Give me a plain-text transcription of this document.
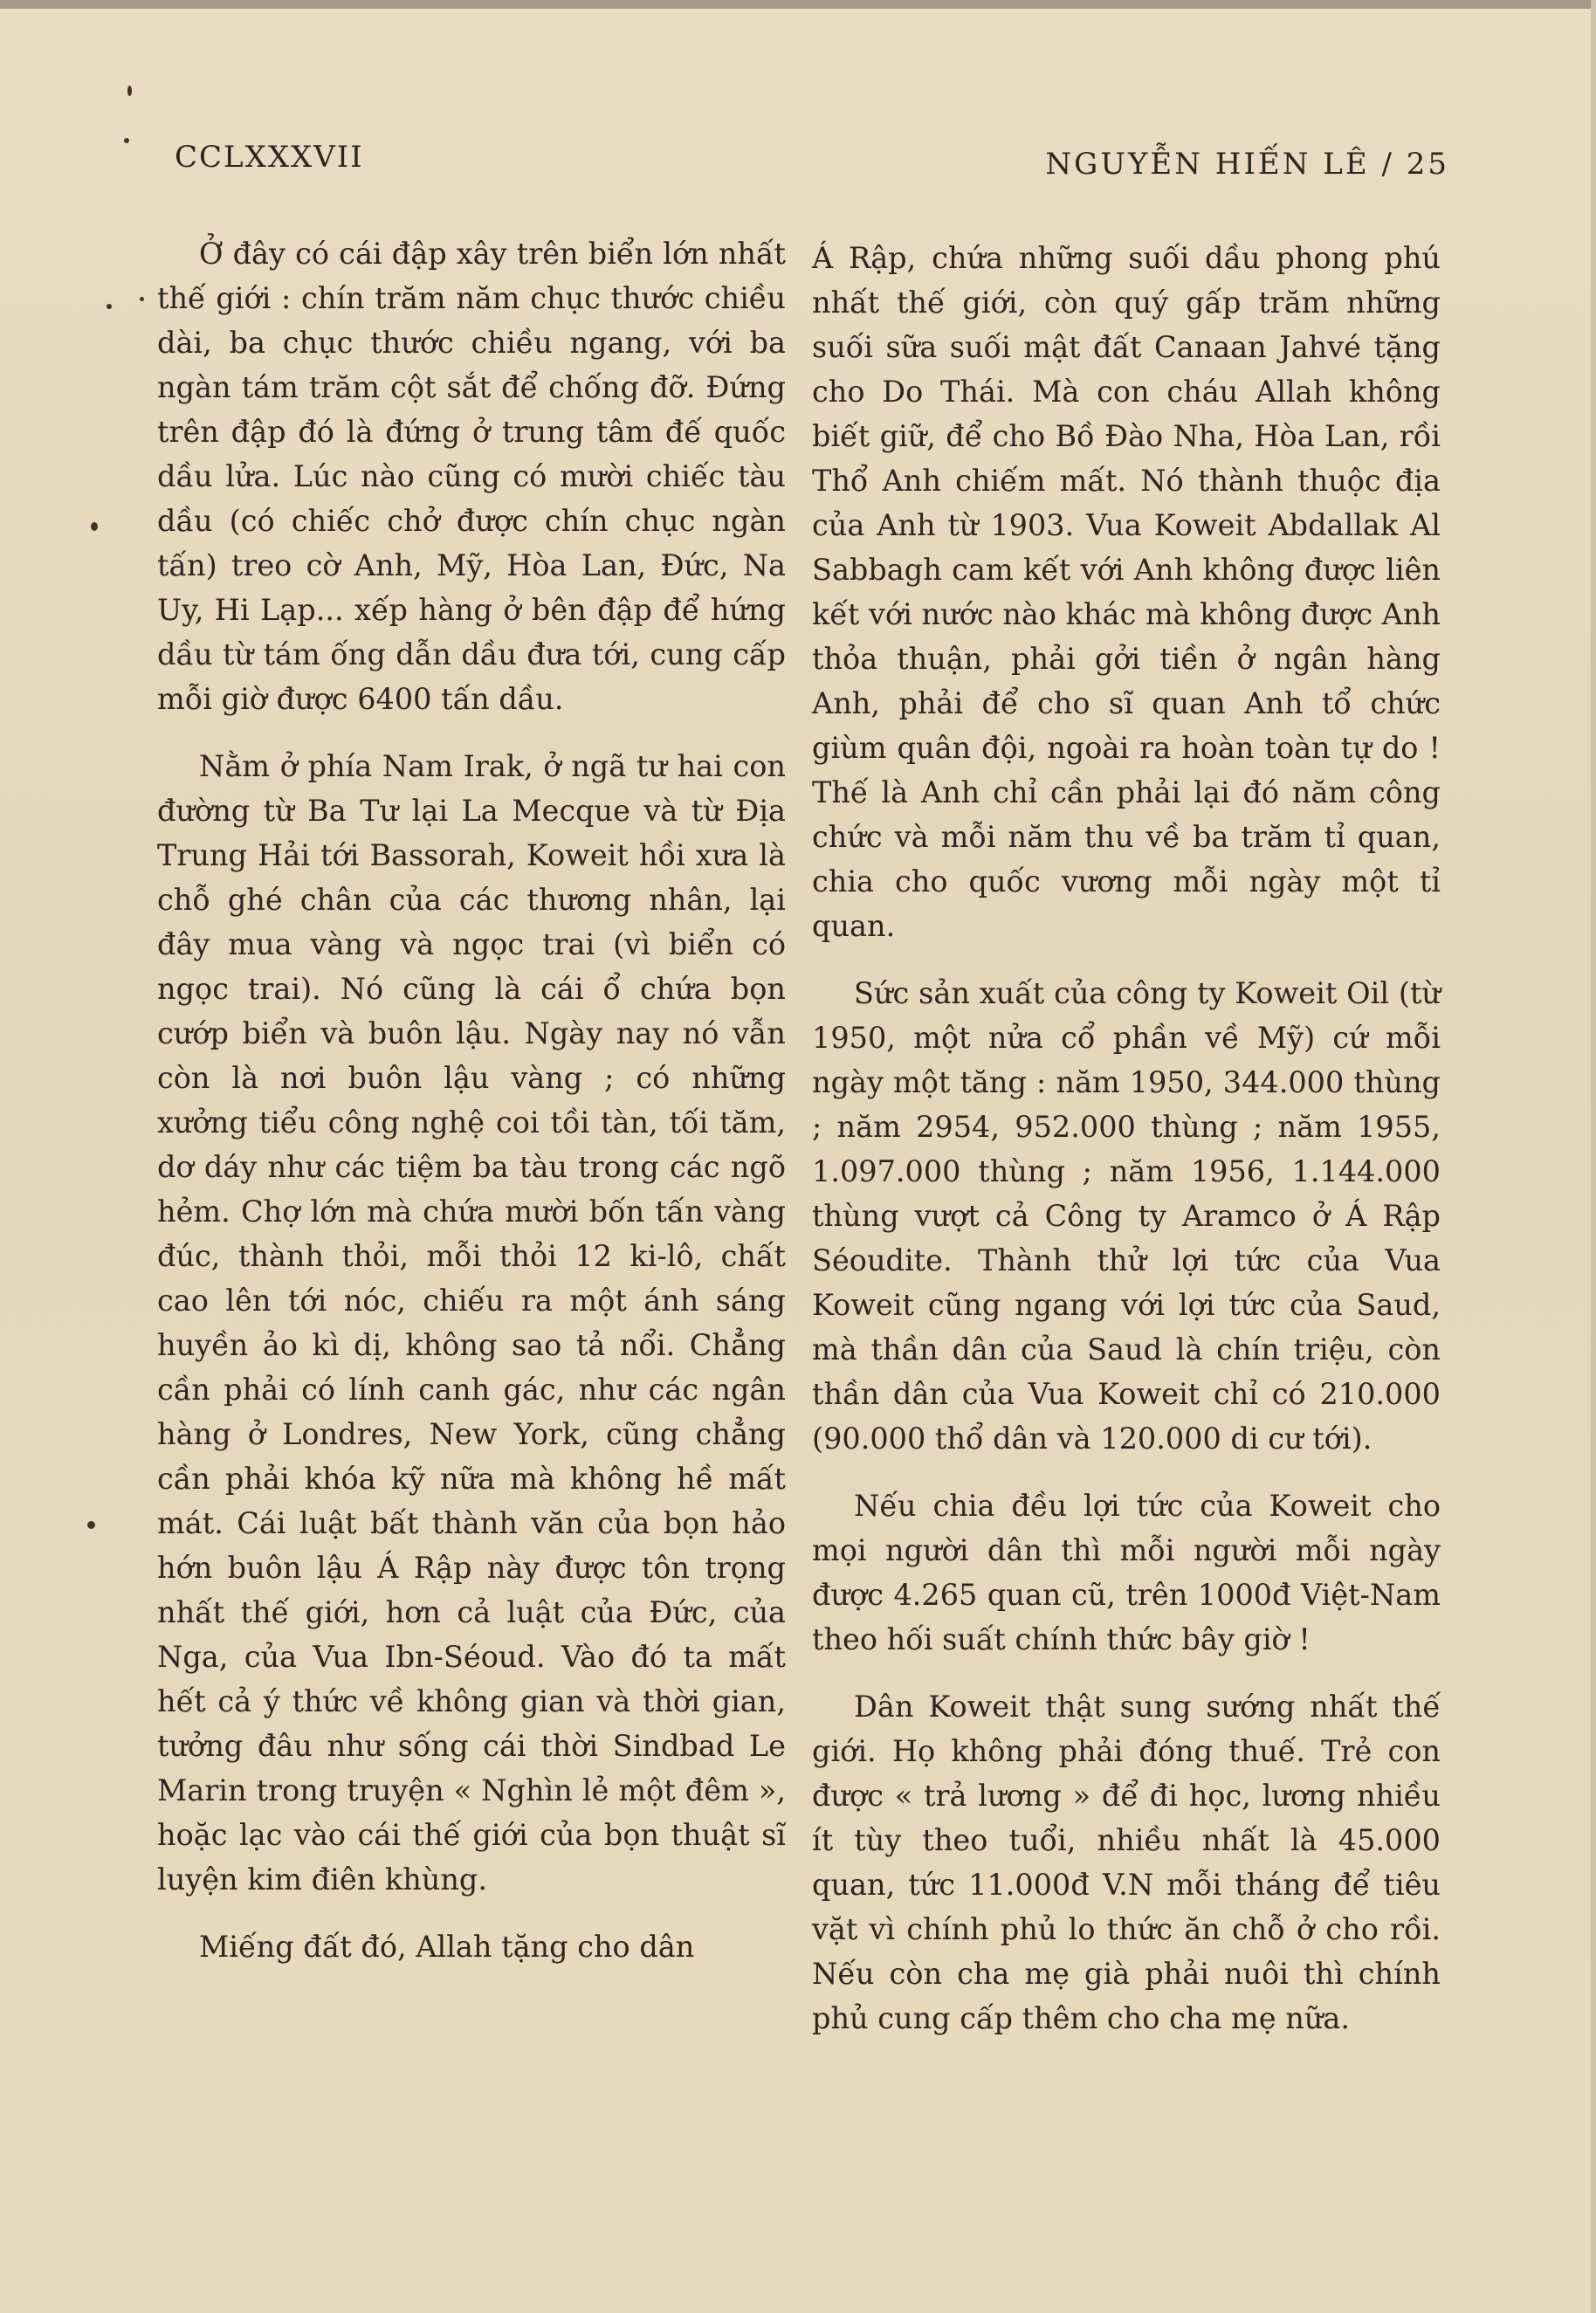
CCLXXXVII	NGUYỄN HIẾN LÊ / 25

Ở đây có cái đập xây trên biển lớn nhất thế giới : chín trăm năm chục thước chiều dài, ba chục thước chiều ngang, với ba ngàn tám trăm cột sắt để chống đỡ. Đứng trên đập đó là đứng ở trung tâm đế quốc dầu lửa. Lúc nào cũng có mười chiếc tàu dầu (có chiếc chở được chín chục ngàn tấn) treo cờ Anh, Mỹ, Hòa Lan, Đức, Na Uy, Hi Lạp... xếp hàng ở bên đập để hứng dầu từ tám ống dẫn dầu đưa tới, cung cấp mỗi giờ được 6400 tấn dầu.

Nằm ở phía Nam Irak, ở ngã tư hai con đường từ Ba Tư lại La Mecque và từ Địa Trung Hải tới Bassorah, Koweit hồi xưa là chỗ ghé chân của các thương nhân, lại đây mua vàng và ngọc trai (vì biển có ngọc trai). Nó cũng là cái ổ chứa bọn cướp biển và buôn lậu. Ngày nay nó vẫn còn là nơi buôn lậu vàng ; có những xưởng tiểu công nghệ coi tồi tàn, tối tăm, dơ dáy như các tiệm ba tàu trong các ngõ hẻm. Chợ lớn mà chứa mười bốn tấn vàng đúc, thành thỏi, mỗi thỏi 12 ki-lô, chất cao lên tới nóc, chiếu ra một ánh sáng huyền ảo kì dị, không sao tả nổi. Chẳng cần phải có lính canh gác, như các ngân hàng ở Londres, New York, cũng chẳng cần phải khóa kỹ nữa mà không hề mất mát. Cái luật bất thành văn của bọn hảo hớn buôn lậu Á Rập này được tôn trọng nhất thế giới, hơn cả luật của Đức, của Nga, của Vua Ibn-Séoud. Vào đó ta mất hết cả ý thức về không gian và thời gian, tưởng đâu như sống cái thời Sindbad Le Marin trong truyện « Nghìn lẻ một đêm », hoặc lạc vào cái thế giới của bọn thuật sĩ luyện kim điên khùng.

Miếng đất đó, Allah tặng cho dân

Á Rập, chứa những suối dầu phong phú nhất thế giới, còn quý gấp trăm những suối sữa suối mật đất Canaan Jahvé tặng cho Do Thái. Mà con cháu Allah không biết giữ, để cho Bồ Đào Nha, Hòa Lan, rồi Thổ Anh chiếm mất. Nó thành thuộc địa của Anh từ 1903. Vua Koweit Abdallak Al Sabbagh cam kết với Anh không được liên kết với nước nào khác mà không được Anh thỏa thuận, phải gởi tiền ở ngân hàng Anh, phải để cho sĩ quan Anh tổ chức giùm quân đội, ngoài ra hoàn toàn tự do ! Thế là Anh chỉ cần phải lại đó năm công chức và mỗi năm thu về ba trăm tỉ quan, chia cho quốc vương mỗi ngày một tỉ quan.

Sức sản xuất của công ty Koweit Oil (từ 1950, một nửa cổ phần về Mỹ) cứ mỗi ngày một tăng : năm 1950, 344.000 thùng ; năm 2954, 952.000 thùng ; năm 1955, 1.097.000 thùng ; năm 1956, 1.144.000 thùng vượt cả Công ty Aramco ở Á Rập Séoudite. Thành thử lợi tức của Vua Koweit cũng ngang với lợi tức của Saud, mà thần dân của Saud là chín triệu, còn thần dân của Vua Koweit chỉ có 210.000 (90.000 thổ dân và 120.000 di cư tới).

Nếu chia đều lợi tức của Koweit cho mọi người dân thì mỗi người mỗi ngày được 4.265 quan cũ, trên 1000đ Việt-Nam theo hối suất chính thức bây giờ !

Dân Koweit thật sung sướng nhất thế giới. Họ không phải đóng thuế. Trẻ con được « trả lương » để đi học, lương nhiều ít tùy theo tuổi, nhiều nhất là 45.000 quan, tức 11.000đ V.N mỗi tháng để tiêu vặt vì chính phủ lo thức ăn chỗ ở cho rồi. Nếu còn cha mẹ già phải nuôi thì chính phủ cung cấp thêm cho cha mẹ nữa.
